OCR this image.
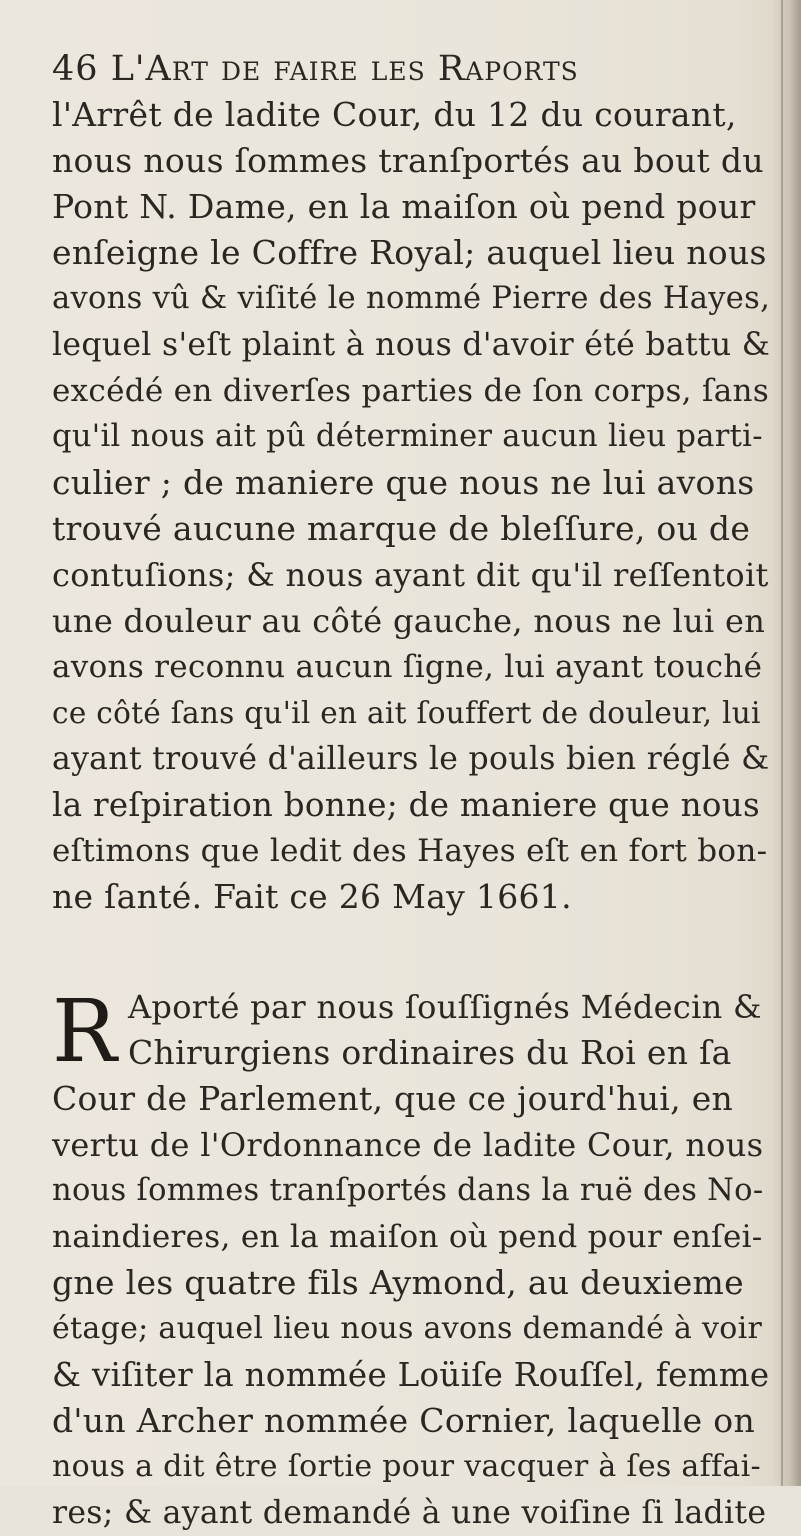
46 L'Art de faire les Raports
l'Arrêt de ladite Cour, du 12 du courant,
nous nous ſommes tranſportés au bout du
Pont N. Dame, en la maiſon où pend pour
enſeigne le Coffre Royal; auquel lieu nous
avons vû & viſité le nommé Pierre des Hayes,
lequel s'eſt plaint à nous d'avoir été battu &
excédé en diverſes parties de ſon corps, ſans
qu'il nous ait pû déterminer aucun lieu parti-
culier ; de maniere que nous ne lui avons
trouvé aucune marque de bleſſure, ou de
contuſions; & nous ayant dit qu'il reſſentoit
une douleur au côté gauche, nous ne lui en
avons reconnu aucun ſigne, lui ayant touché
ce côté ſans qu'il en ait ſouffert de douleur, lui
ayant trouvé d'ailleurs le pouls bien réglé &
la reſpiration bonne; de maniere que nous
eſtimons que ledit des Hayes eſt en fort bon-
ne ſanté. Fait ce 26 May 1661.
R Aporté par nous ſouſſignés Médecin &
Chirurgiens ordinaires du Roi en ſa
Cour de Parlement, que ce jourd'hui, en
vertu de l'Ordonnance de ladite Cour, nous
nous ſommes tranſportés dans la ruë des No-
naindieres, en la maiſon où pend pour enſei-
gne les quatre fils Aymond, au deuxieme
étage; auquel lieu nous avons demandé à voir
& viſiter la nommée Loüiſe Rouſſel, femme
d'un Archer nommée Cornier, laquelle on
nous a dit être ſortie pour vacquer à ſes affai-
res; & ayant demandé à une voiſine ſi ladite
